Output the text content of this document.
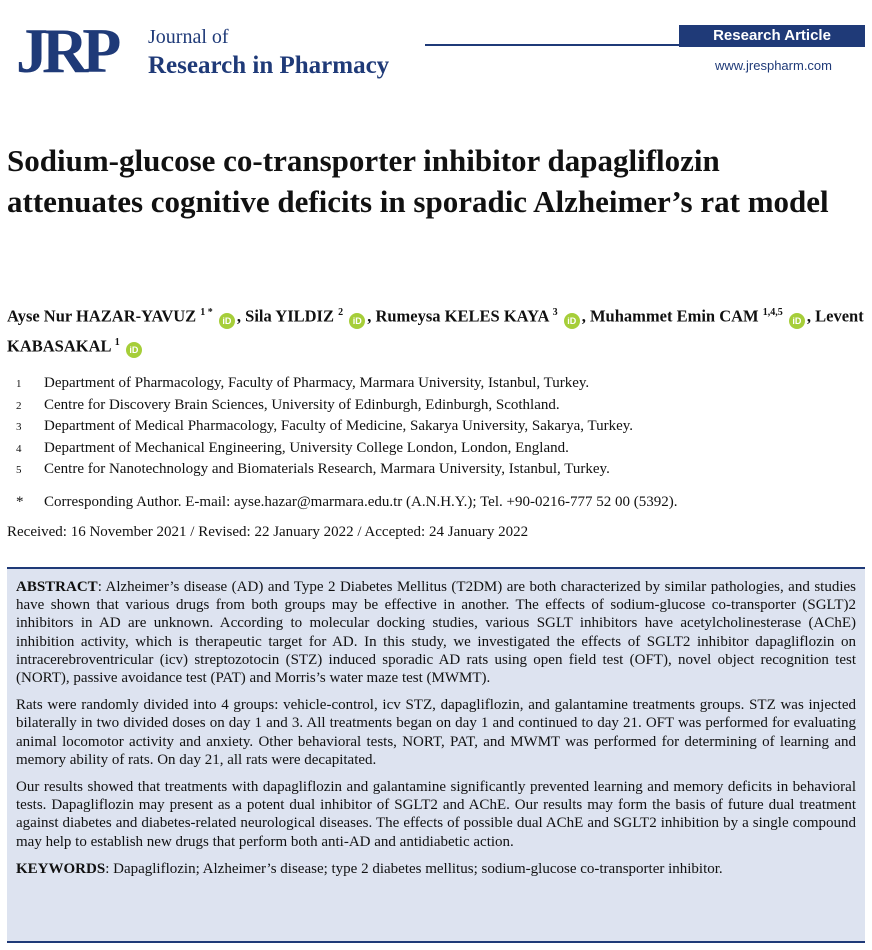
JRP	Journal of
Research in Pharmacy
Research Article
www.jrespharm.com
Sodium-glucose co-transporter inhibitor dapagliflozin attenuates cognitive deficits in sporadic Alzheimer’s rat model
Ayse Nur HAZAR-YAVUZ $^{1 *}$ iD , Sila YILDIZ $^2$ iD , Rumeysa KELES KAYA $^3$ iD , Muhammet Emin CAM $^{1,4,5}$ iD , Levent KABASAKAL $^1$ iD
1	Department of Pharmacology, Faculty of Pharmacy, Marmara University, Istanbul, Turkey.
2	Centre for Discovery Brain Sciences, University of Edinburgh, Edinburgh, Scothland.
3	Department of Medical Pharmacology, Faculty of Medicine, Sakarya University, Sakarya, Turkey.
4	Department of Mechanical Engineering, University College London, London, England.
5	Centre for Nanotechnology and Biomaterials Research, Marmara University, Istanbul, Turkey.
*	Corresponding Author. E-mail: ayse.hazar@marmara.edu.tr (A.N.H.Y.); Tel. +90-0216-777 52 00 (5392).
Received: 16 November 2021 / Revised: 22 January 2022 / Accepted: 24 January 2022

ABSTRACT: Alzheimer’s disease (AD) and Type 2 Diabetes Mellitus (T2DM) are both characterized by similar pathologies, and studies have shown that various drugs from both groups may be effective in another. The effects of sodium-glucose co-transporter (SGLT)2 inhibitors in AD are unknown. According to molecular docking studies, various SGLT inhibitors have acetylcholinesterase (AChE) inhibition activity, which is therapeutic target for AD. In this study, we investigated the effects of SGLT2 inhibitor dapagliflozin on intracerebroventricular (icv) streptozotocin (STZ) induced sporadic AD rats using open field test (OFT), novel object recognition test (NORT), passive avoidance test (PAT) and Morris’s water maze test (MWMT).

Rats were randomly divided into 4 groups: vehicle-control, icv STZ, dapagliflozin, and galantamine treatments groups. STZ was injected bilaterally in two divided doses on day 1 and 3. All treatments began on day 1 and continued to day 21. OFT was performed for evaluating animal locomotor activity and anxiety. Other behavioral tests, NORT, PAT, and MWMT was performed for determining of learning and memory ability of rats. On day 21, all rats were decapitated.

Our results showed that treatments with dapagliflozin and galantamine significantly prevented learning and memory deficits in behavioral tests. Dapagliflozin may present as a potent dual inhibitor of SGLT2 and AChE. Our results may form the basis of future dual treatment against diabetes and diabetes-related neurological diseases. The effects of possible dual AChE and SGLT2 inhibition by a single compound may help to establish new drugs that perform both anti-AD and antidiabetic action.

KEYWORDS: Dapagliflozin; Alzheimer’s disease; type 2 diabetes mellitus; sodium-glucose co-transporter inhibitor.
